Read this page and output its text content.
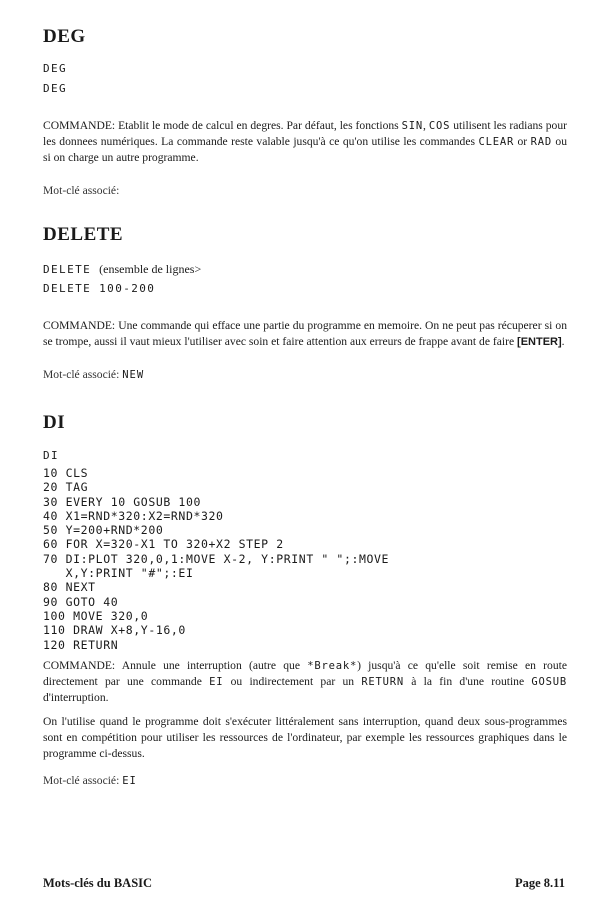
DEG

DEG

DEG

COMMANDE: Etablit le mode de calcul en degres. Par défaut, les fonctions SIN, COS utilisent les radians pour les donnees numériques. La commande reste valable jusqu'à ce qu'on utilise les commandes CLEAR or RAD ou si on charge un autre programme.

Mot-clé associé:

DELETE

DELETE (ensemble de lignes>

DELETE 100-200

COMMANDE: Une commande qui efface une partie du programme en memoire. On ne peut pas récuperer si on se trompe, aussi il vaut mieux l'utiliser avec soin et faire attention aux erreurs de frappe avant de faire [ENTER].

Mot-clé associé: NEW

DI

DI

10 CLS
20 TAG
30 EVERY 10 GOSUB 100
40 X1=RND*320:X2=RND*320
50 Y=200+RND*200
60 FOR X=320-X1 TO 320+X2 STEP 2
70 DI:PLOT 320,0,1:MOVE X-2, Y:PRINT " ";:MOVE
X,Y:PRINT "#";:EI
80 NEXT
90 GOTO 40
100 MOVE 320,0
110 DRAW X+8,Y-16,0
120 RETURN

COMMANDE: Annule une interruption (autre que *Break*) jusqu'à ce qu'elle soit remise en route directement par une commande EI ou indirectement par un RETURN à la fin d'une routine GOSUB d'interruption.

On l'utilise quand le programme doit s'exécuter littéralement sans interruption, quand deux sous-programmes sont en compétition pour utiliser les ressources de l'ordinateur, par exemple les ressources graphiques dans le programme ci-dessus.

Mot-clé associé: EI

Mots-clés du BASIC	Page 8.11
